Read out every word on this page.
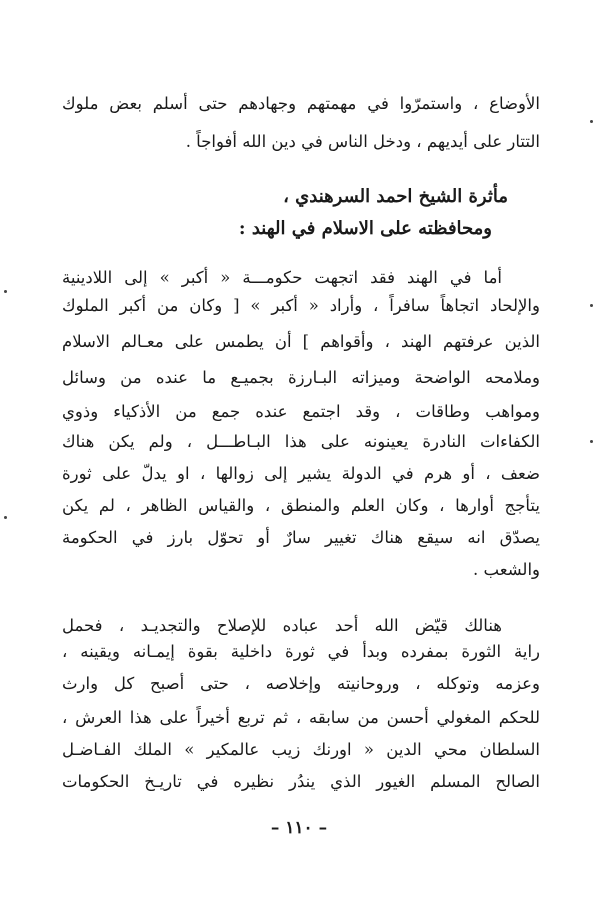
الأوضاع ، واستمرّوا في مهمتهم وجهادهم حتى أسلم بعض ملوك
التتار على أيديهم ، ودخل الناس في دين الله أفواجاً .
مأثرة الشيخ احمد السرهندي ،
ومحافظته على الاسلام في الهند :
أما في الهند فقد اتجهت حكومـــة « أكبر » إلى اللادينية
والإلحاد اتجاهاً سافراً ، وأراد « أكبر » [ وكان من أكبر الملوك
الذين عرفتهم الهند ، وأقواهم ] أن يطمس على معـالم الاسلام
وملامحه الواضحة وميزاته البـارزة بجميـع ما عنده من وسائل
ومواهب وطاقات ، وقد اجتمع عنده جمع من الأذكياء وذوي
الكفاءات النادرة يعينونه على هذا البـاطـــل ، ولم يكن هناك
ضعف ، أو هرم في الدولة يشير إلى زوالها ، او يدلّ على ثورة
يتأجج أوارها ، وكان العلم والمنطق ، والقياس الظاهر ، لم يكن
يصدّق انه سيقع هناك تغيير سارٌ أو تحوّل بارز في الحكومة
والشعب .
هنالك قيّض الله أحد عباده للإصلاح والتجديـد ، فحمل
راية الثورة بمفرده وبدأ في ثورة داخلية بقوة إيمـانه ويقينه ،
وعزمه وتوكله ، وروحانيته وإخلاصه ، حتى أصبح كل وارث
للحكم المغولي أحسن من سابقه ، ثم تربع أخيراً على هذا العرش ،
السلطان محي الدين « اورنك زيب عالمكير » الملك الفـاضـل
الصالح المسلم الغيور الذي يندُر نظيره في تاريـخ الحكومات
– ١١٠ –
